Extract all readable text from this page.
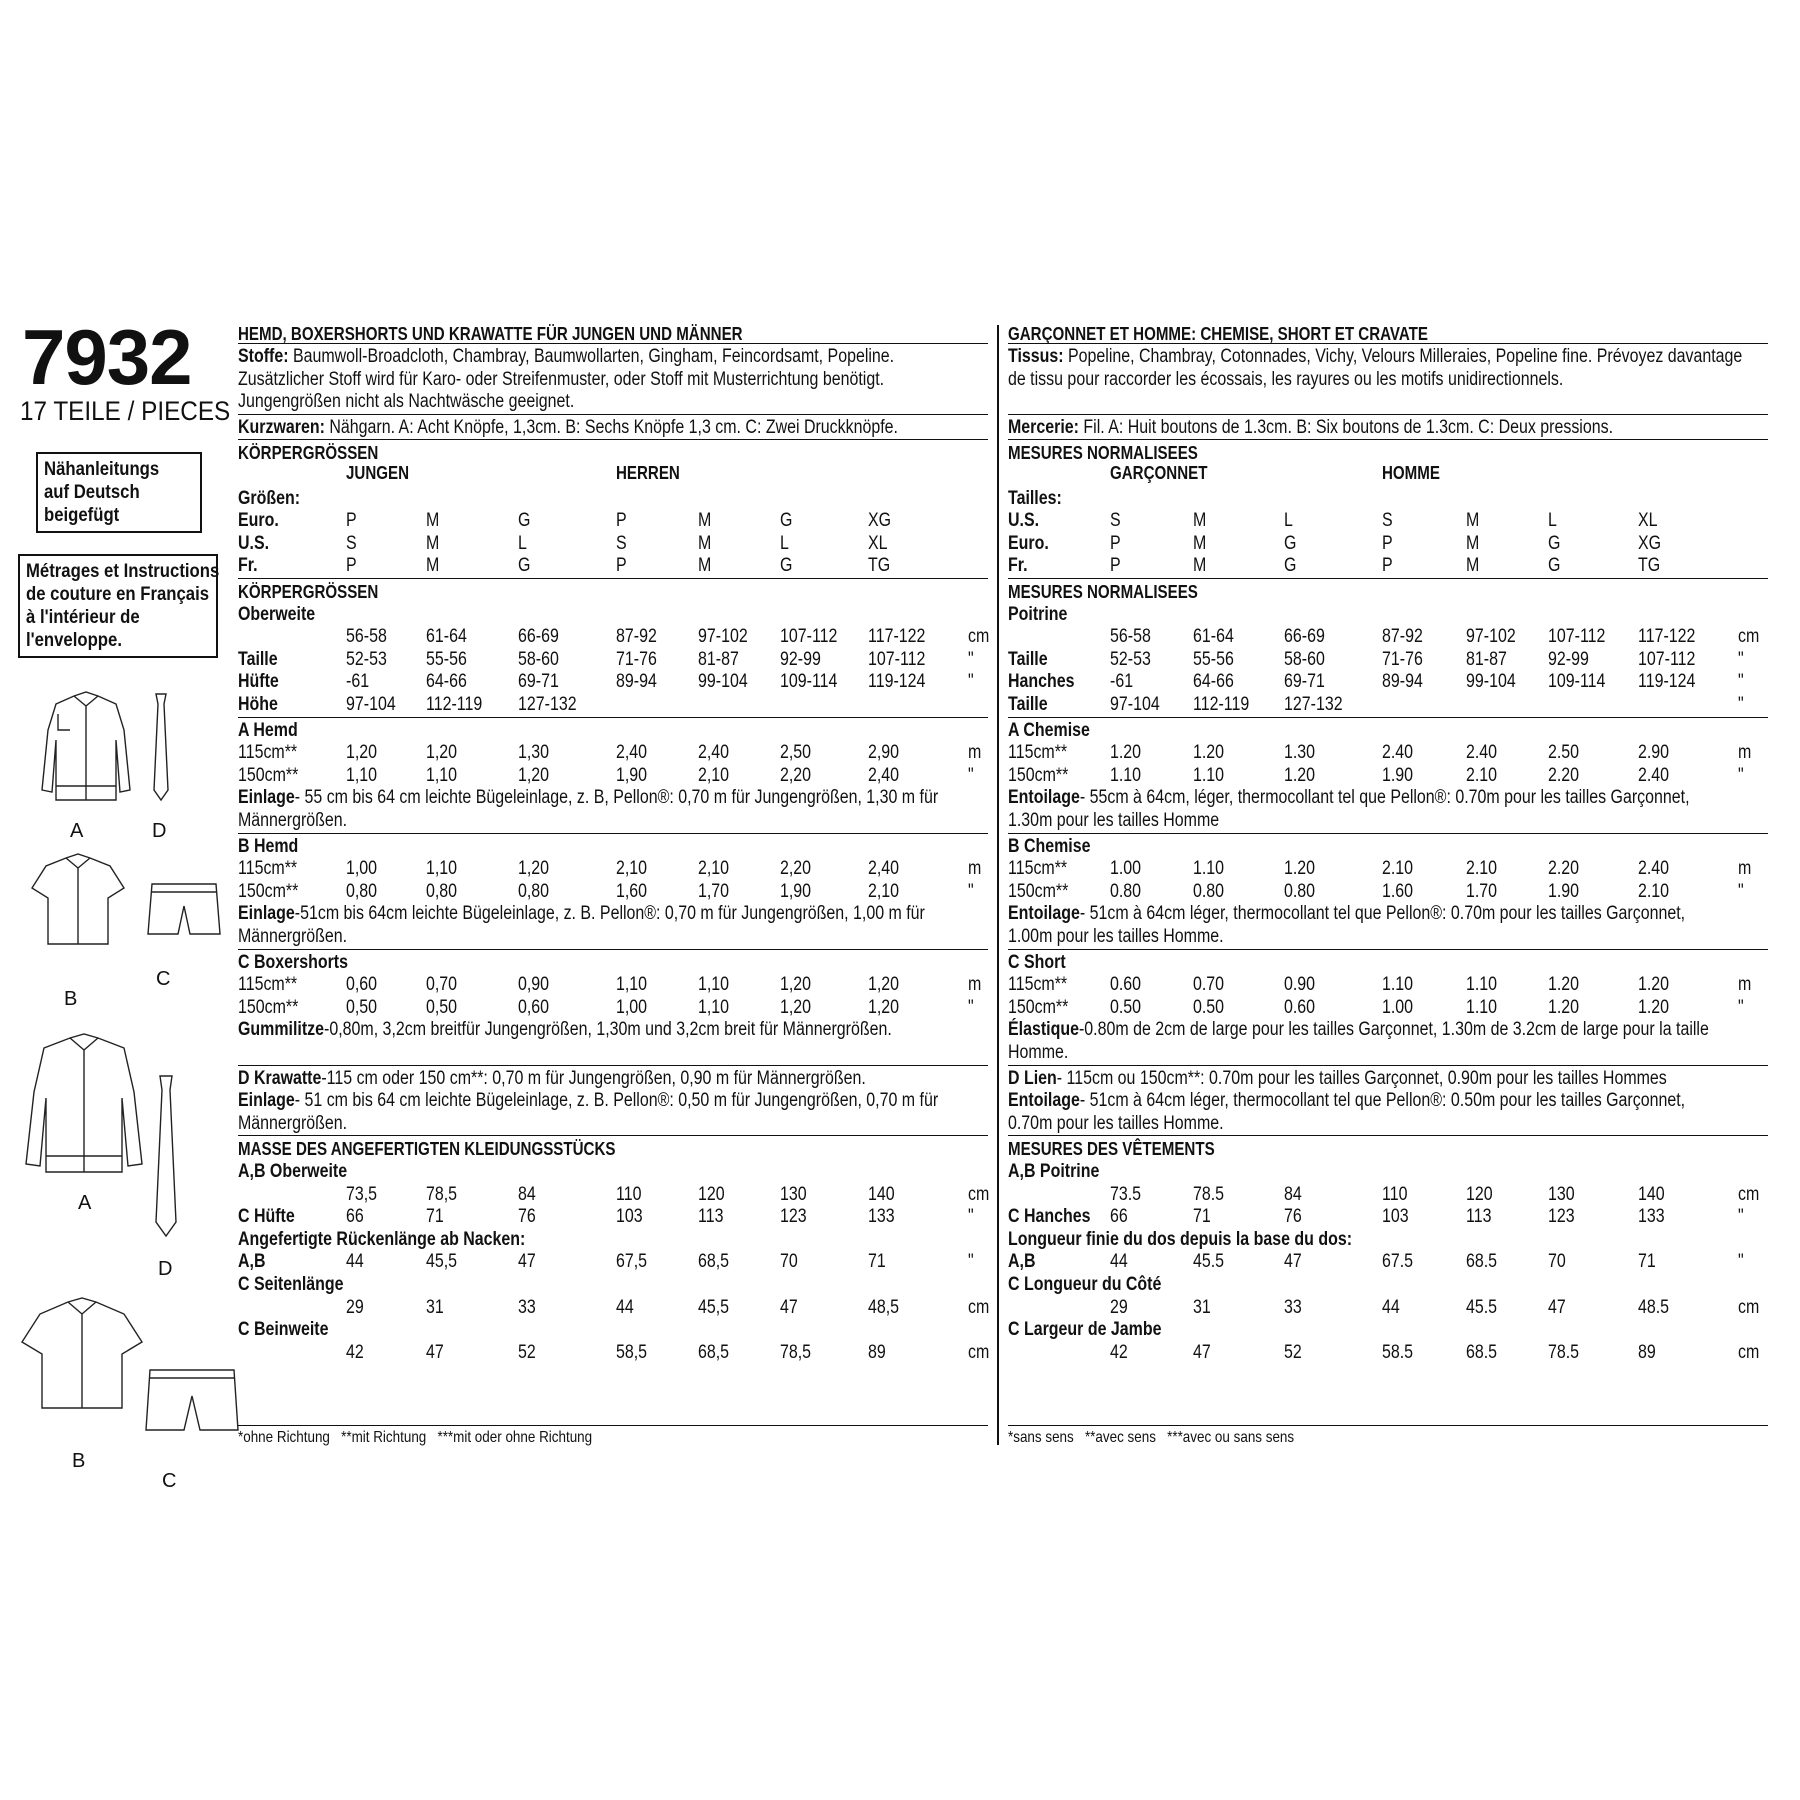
7932
17 TEILE / PIECES
Nähanleitungs
auf Deutsch
beigefügt
Métrages et Instructions
de couture en Français
à l'intérieur de
l'enveloppe.
A	D
B
C
A
D
B
C
HEMD, BOXERSHORTS UND KRAWATTE FÜR JUNGEN UND MÄNNER
Stoffe: Baumwoll-Broadcloth, Chambray, Baumwollarten, Gingham, Feincordsamt, Popeline.
Zusätzlicher Stoff wird für Karo- oder Streifenmuster, oder Stoff mit Musterrichtung benötigt.
Jungengrößen nicht als Nachtwäsche geeignet.
Kurzwaren: Nähgarn. A: Acht Knöpfe, 1,3cm. B: Sechs Knöpfe 1,3 cm. C: Zwei Druckknöpfe.
KÖRPERGRÖSSEN
JUNGEN	HERREN
Größen:
Euro.	P	M	G	P	M	G	XG
U.S.	S	M	L	S	M	L	XL
Fr.	P	M	G	P	M	G	TG
KÖRPERGRÖSSEN
Oberweite
56-58 61-64	66-69	87-92 97-102 107-112 117-122 cm
Taille	52-53 55-56	58-60	71-76 81-87 92-99 107-112 "
Hüfte	-61	64-66	69-71	89-94 99-104 109-114 119-124 "
Höhe	97-104 112-119 127-132
A Hemd
115cm**	1,20	1,20	1,30	2,40	2,40	2,50	2,90	m
150cm**	1,10	1,10	1,20	1,90	2,10	2,20	2,40	"
Einlage- 55 cm bis 64 cm leichte Bügeleinlage, z. B, Pellon®: 0,70 m für Jungengrößen, 1,30 m für
Männergrößen.
B Hemd
115cm**	1,00	1,10	1,20	2,10	2,10	2,20	2,40	m
150cm**	0,80	0,80	0,80	1,60	1,70	1,90	2,10	"
Einlage-51cm bis 64cm leichte Bügeleinlage, z. B. Pellon®: 0,70 m für Jungengrößen, 1,00 m für
Männergrößen.
C Boxershorts
115cm**	0,60	0,70	0,90	1,10	1,10	1,20	1,20	m
150cm**	0,50	0,50	0,60	1,00	1,10	1,20	1,20	"
Gummilitze-0,80m, 3,2cm breitfür Jungengrößen, 1,30m und 3,2cm breit für Männergrößen.
D Krawatte-115 cm oder 150 cm**: 0,70 m für Jungengrößen, 0,90 m für Männergrößen.
Einlage- 51 cm bis 64 cm leichte Bügeleinlage, z. B. Pellon®: 0,50 m für Jungengrößen, 0,70 m für
Männergrößen.
MASSE DES ANGEFERTIGTEN KLEIDUNGSSTÜCKS
A,B Oberweite
73,5	78,5	84	110	120	130	140	cm
C Hüfte	66	71	76	103	113	123	133	"
Angefertigte Rückenlänge ab Nacken:
A,B	44	45,5	47	67,5	68,5	70	71	"
C Seitenlänge
29	31	33	44	45,5	47	48,5	cm
C Beinweite
42	47	52	58,5	68,5	78,5	89	cm
*ohne Richtung   **mit Richtung   ***mit oder ohne Richtung
GARÇONNET ET HOMME: CHEMISE, SHORT ET CRAVATE
Tissus: Popeline, Chambray, Cotonnades, Vichy, Velours Milleraies, Popeline fine. Prévoyez davantage
de tissu pour raccorder les écossais, les rayures ou les motifs unidirectionnels.
Mercerie: Fil. A: Huit boutons de 1.3cm. B: Six boutons de 1.3cm. C: Deux pressions.
MESURES NORMALISEES
GARÇONNET	HOMME
Tailles:
U.S.	S	M	L	S	M	L	XL
Euro.	P	M	G	P	M	G	XG
Fr.	P	M	G	P	M	G	TG
MESURES NORMALISEES
Poitrine
56-58 61-64	66-69	87-92 97-102 107-112 117-122 cm
Taille	52-53 55-56	58-60	71-76 81-87 92-99	107-112 "
Hanches -61	64-66	69-71	89-94 99-104 109-114 119-124 "
Taille	97-104 112-119 127-132	"
A Chemise
115cm** 1.20	1.20	1.30	2.40	2.40	2.50	2.90	m
150cm** 1.10	1.10	1.20	1.90	2.10	2.20	2.40	"
Entoilage- 55cm à 64cm, léger, thermocollant tel que Pellon®: 0.70m pour les tailles Garçonnet,
1.30m pour les tailles Homme
B Chemise
115cm** 1.00	1.10	1.20	2.10	2.10	2.20	2.40	m
150cm** 0.80	0.80	0.80	1.60	1.70	1.90	2.10	"
Entoilage- 51cm à 64cm léger, thermocollant tel que Pellon®: 0.70m pour les tailles Garçonnet,
1.00m pour les tailles Homme.
C Short
115cm** 0.60	0.70	0.90	1.10	1.10	1.20	1.20	m
150cm** 0.50	0.50	0.60	1.00	1.10	1.20	1.20	"
Élastique-0.80m de 2cm de large pour les tailles Garçonnet, 1.30m de 3.2cm de large pour la taille
Homme.
D Lien- 115cm ou 150cm**: 0.70m pour les tailles Garçonnet, 0.90m pour les tailles Hommes
Entoilage- 51cm à 64cm léger, thermocollant tel que Pellon®: 0.50m pour les tailles Garçonnet,
0.70m pour les tailles Homme.
MESURES DES VÊTEMENTS
A,B Poitrine
73.5	78.5	84	110	120	130	140	cm
C Hanches 66	71	76	103	113	123	133	"
Longueur finie du dos depuis la base du dos:
A,B	44	45.5	47	67.5	68.5	70	71	"
C Longueur du Côté
29	31	33	44	45.5	47	48.5	cm
C Largeur de Jambe
42	47	52	58.5	68.5	78.5	89	cm
*sans sens   **avec sens   ***avec ou sans sens
